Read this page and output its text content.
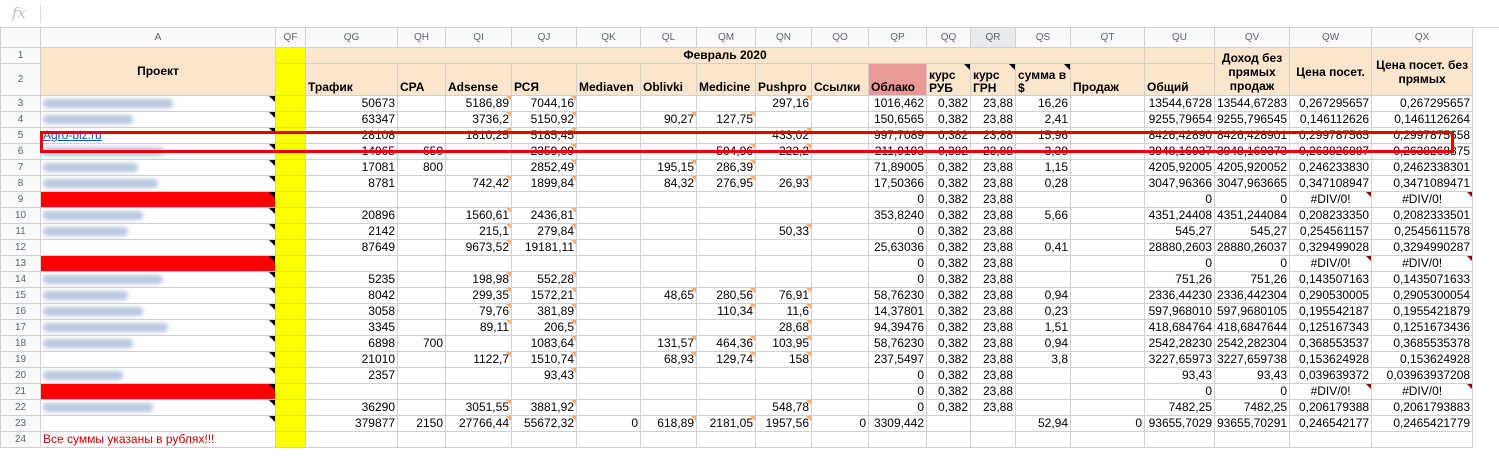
fx
	A	QF	QG	QH	QI	QJ	QK	QL	QM	QN	QO	QP	QQ	QR	QS	QT	QU	QV	QW	QX
1	Проект		Февраль 2020															Доход без прямых продаж	Цена посет.	Цена посет. без прямых
2			Трафик	CPA	Adsense	РСЯ	Mediaven	Oblivki	Medicine	Pushpro	Ссылки	Облако	курс РУБ	курс ГРН	сумма в $	Продаж	Общий			
3			50673		5186,89	7044,16				297,16		1016,462	0,382	23,88	16,26		13544,6728	13544,67283	0,267295657	0,267295657
4			63347		3736,2	5150,92		90,27	127,75			150,6565	0,382	23,88	2,41		9255,79654	9255,796545	0,146112626	0,1461126264
5	Agro-biz.ru		28108		1810,25	5185,45				433,02		997,7089	0,382	23,88	15,96		8426,42890	8426,428901	0,299787565	0,2997875658
6			14965	650		2359,09			504,96	222,2		211,9193	0,382	23,88	3,39		3948,16937	3948,169373	0,263826887	0,2638268875
7			17081	800		2852,49		195,15	286,39			71,89005	0,382	23,88	1,15		4205,92005	4205,920052	0,246233830	0,2462338301
8			8781		742,42	1899,84		84,32	276,95	26,93		17,50366	0,382	23,88	0,28		3047,96366	3047,963665	0,347108947	0,3471089471
9												0	0,382	23,88			0	0	#DIV/0!	#DIV/0!
10			20896		1560,61	2436,81						353,8240	0,382	23,88	5,66		4351,24408	4351,244084	0,208233350	0,2082333501
11			2142		215,1	279,84				50,33		0	0,382	23,88			545,27	545,27	0,254561157	0,2545611578
12			87649		9673,52	19181,11						25,63036	0,382	23,88	0,41		28880,2603	28880,26037	0,329499028	0,3294990287
13												0	0,382	23,88			0	0	#DIV/0!	#DIV/0!
14			5235		198,98	552,28						0	0,382	23,88			751,26	751,26	0,143507163	0,1435071633
15			8042		299,35	1572,21		48,65	280,56	76,91		58,76230	0,382	23,88	0,94		2336,44230	2336,442304	0,290530005	0,2905300054
16			3058		79,76	381,89			110,34	11,6		14,37801	0,382	23,88	0,23		597,968010	597,9680105	0,195542187	0,1955421879
17			3345		89,11	206,5				28,68		94,39476	0,382	23,88	1,51		418,684764	418,6847644	0,125167343	0,1251673436
18			6898	700		1083,64		131,57	464,36	103,95		58,76230	0,382	23,88	0,94		2542,28230	2542,282304	0,368553537	0,3685535378
19			21010		1122,7	1510,74		68,93	129,74	158		237,5497	0,382	23,88	3,8		3227,65973	3227,659738	0,153624928	0,153624928
20			2357			93,43						0	0,382	23,88			93,43	93,43	0,039639372	0,03963937208
21												0	0,382	23,88			0	0	#DIV/0!	#DIV/0!
22			36290		3051,55	3881,92				548,78		0	0,382	23,88			7482,25	7482,25	0,206179388	0,2061793883
23			379877	2150	27766,44	55672,32	0	618,89	2181,05	1957,56	0	3309,442			52,94	0	93655,7029	93655,70291	0,246542177	0,2465421779
24	Все суммы указаны в рублях!!!																			
